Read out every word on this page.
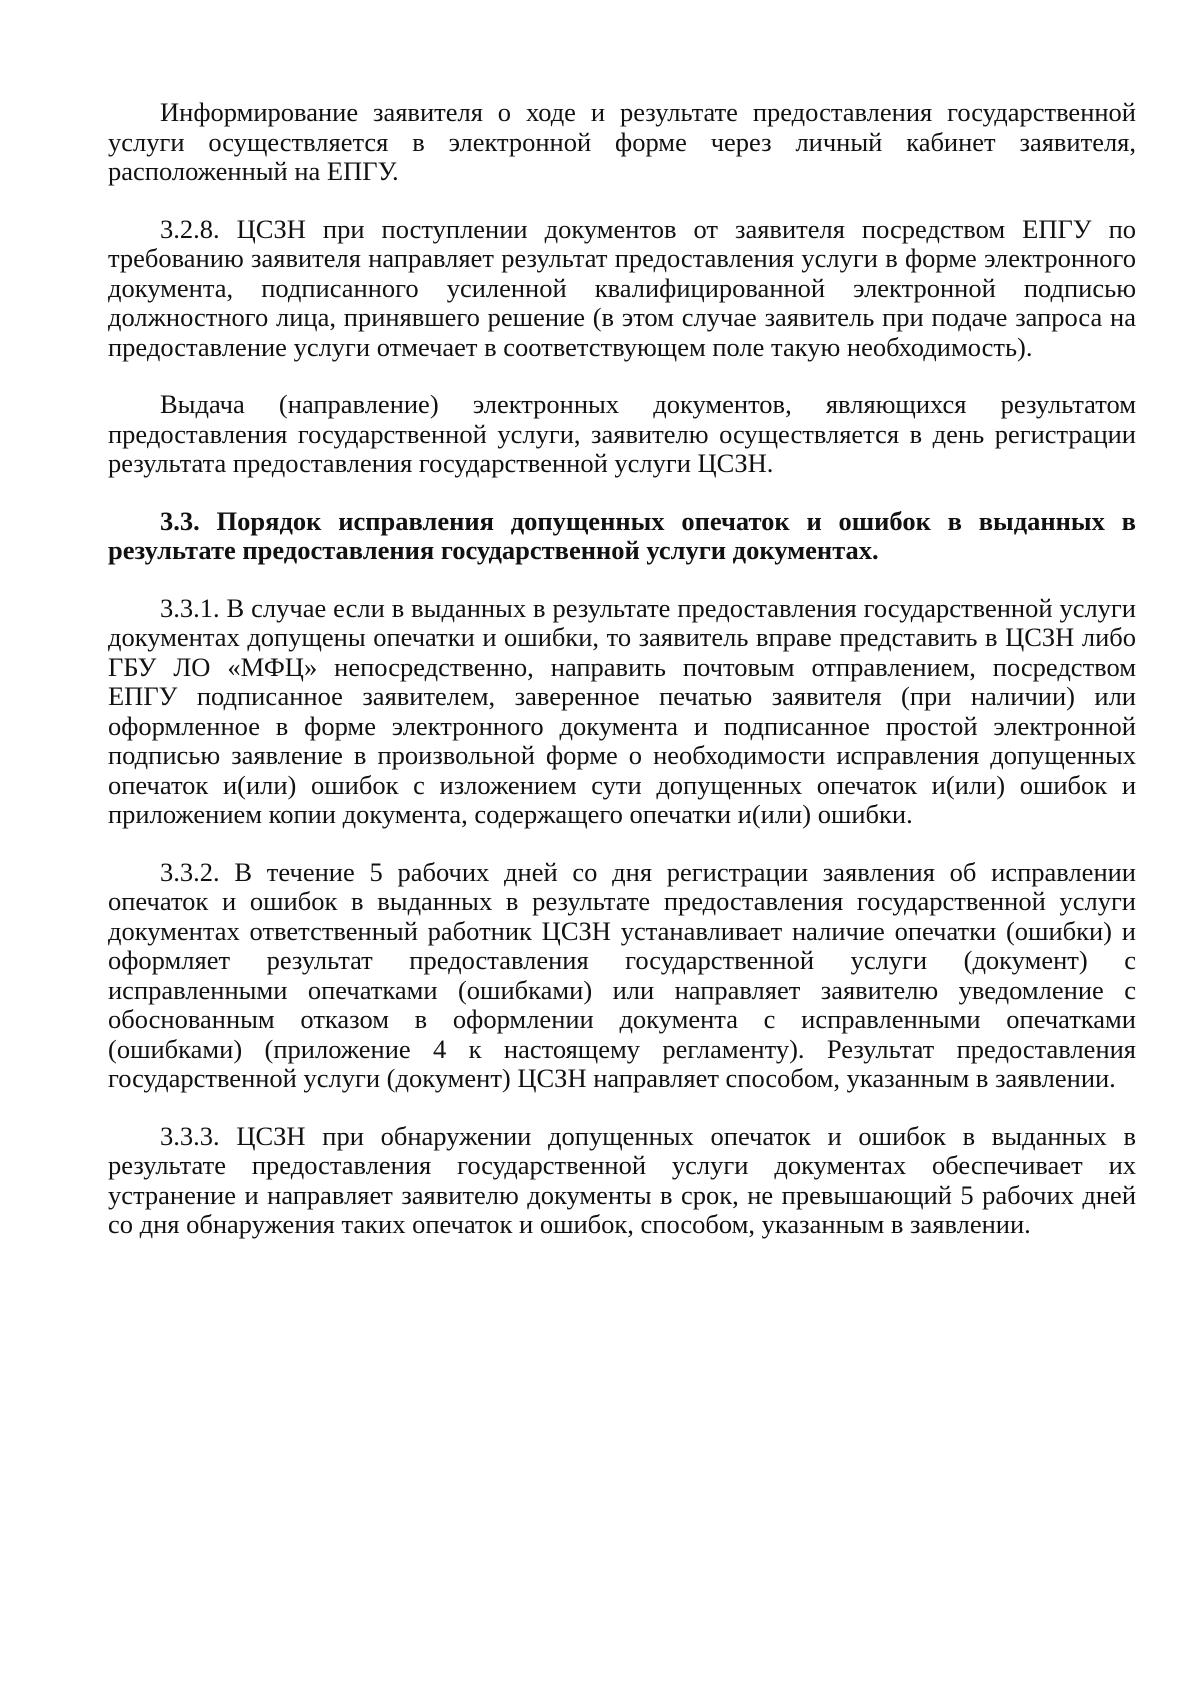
Информирование заявителя о ходе и результате предоставления государственной услуги осуществляется в электронной форме через личный кабинет заявителя, расположенный на ЕПГУ.

3.2.8. ЦСЗН при поступлении документов от заявителя посредством ЕПГУ по требованию заявителя направляет результат предоставления услуги в форме электронного документа, подписанного усиленной квалифицированной электронной подписью должностного лица, принявшего решение (в этом случае заявитель при подаче запроса на предоставление услуги отмечает в соответствующем поле такую необходимость).

Выдача (направление) электронных документов, являющихся результатом предоставления государственной услуги, заявителю осуществляется в день регистрации результата предоставления государственной услуги ЦСЗН.

3.3. Порядок исправления допущенных опечаток и ошибок в выданных в результате предоставления государственной услуги документах.

3.3.1. В случае если в выданных в результате предоставления государственной услуги документах допущены опечатки и ошибки, то заявитель вправе представить в ЦСЗН либо ГБУ ЛО «МФЦ» непосредственно, направить почтовым отправлением, посредством ЕПГУ подписанное заявителем, заверенное печатью заявителя (при наличии) или оформленное в форме электронного документа и подписанное простой электронной подписью заявление в произвольной форме о необходимости исправления допущенных опечаток и(или) ошибок с изложением сути допущенных опечаток и(или) ошибок и приложением копии документа, содержащего опечатки и(или) ошибки.

3.3.2. В течение 5 рабочих дней со дня регистрации заявления об исправлении опечаток и ошибок в выданных в результате предоставления государственной услуги документах ответственный работник ЦСЗН устанавливает наличие опечатки (ошибки) и оформляет результат предоставления государственной услуги (документ) с исправленными опечатками (ошибками) или направляет заявителю уведомление с обоснованным отказом в оформлении документа с исправленными опечатками (ошибками) (приложение 4 к настоящему регламенту). Результат предоставления государственной услуги (документ) ЦСЗН направляет способом, указанным в заявлении.

3.3.3. ЦСЗН при обнаружении допущенных опечаток и ошибок в выданных в результате предоставления государственной услуги документах обеспечивает их устранение и направляет заявителю документы в срок, не превышающий 5 рабочих дней со дня обнаружения таких опечаток и ошибок, способом, указанным в заявлении.
